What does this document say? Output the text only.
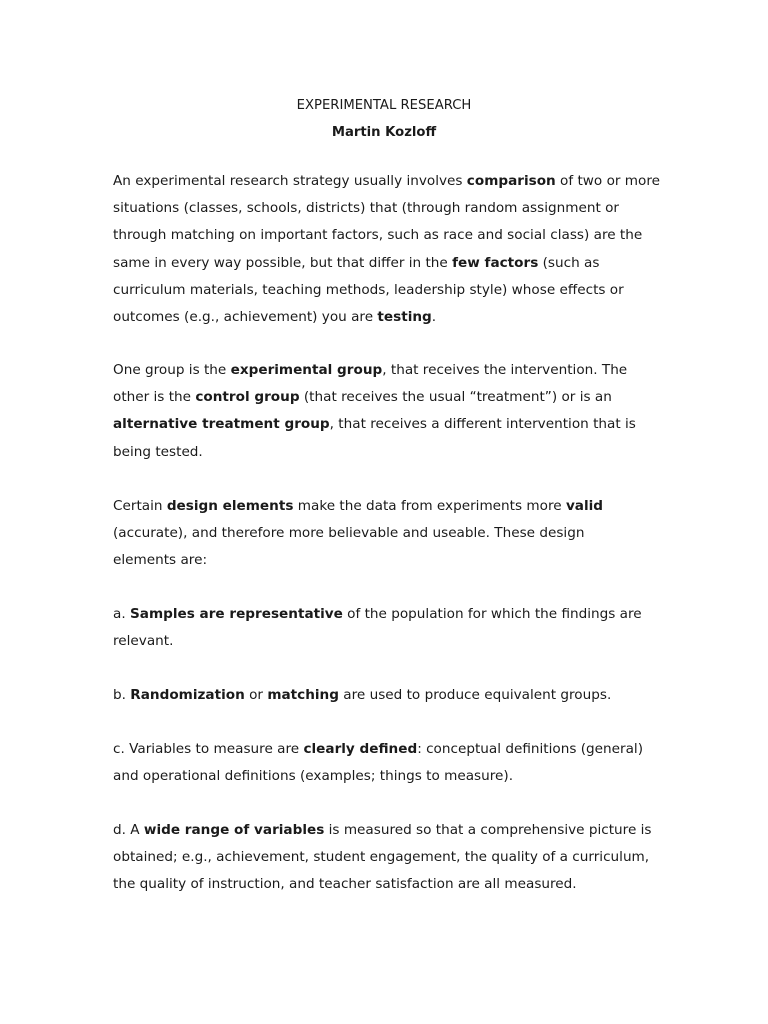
EXPERIMENTAL RESEARCH
Martin Kozloff
An experimental research strategy usually involves comparison of two or more
situations (classes, schools, districts) that (through random assignment or
through matching on important factors, such as race and social class) are the
same in every way possible, but that differ in the few factors (such as
curriculum materials, teaching methods, leadership style) whose effects or
outcomes (e.g., achievement) you are testing.
One group is the experimental group, that receives the intervention. The
other is the control group (that receives the usual “treatment”) or is an
alternative treatment group, that receives a different intervention that is
being tested.
Certain design elements make the data from experiments more valid
(accurate), and therefore more believable and useable. These design
elements are:
a. Samples are representative of the population for which the findings are
relevant.
b. Randomization or matching are used to produce equivalent groups.
c. Variables to measure are clearly defined: conceptual definitions (general)
and operational definitions (examples; things to measure).
d. A wide range of variables is measured so that a comprehensive picture is
obtained; e.g., achievement, student engagement, the quality of a curriculum,
the quality of instruction, and teacher satisfaction are all measured.
